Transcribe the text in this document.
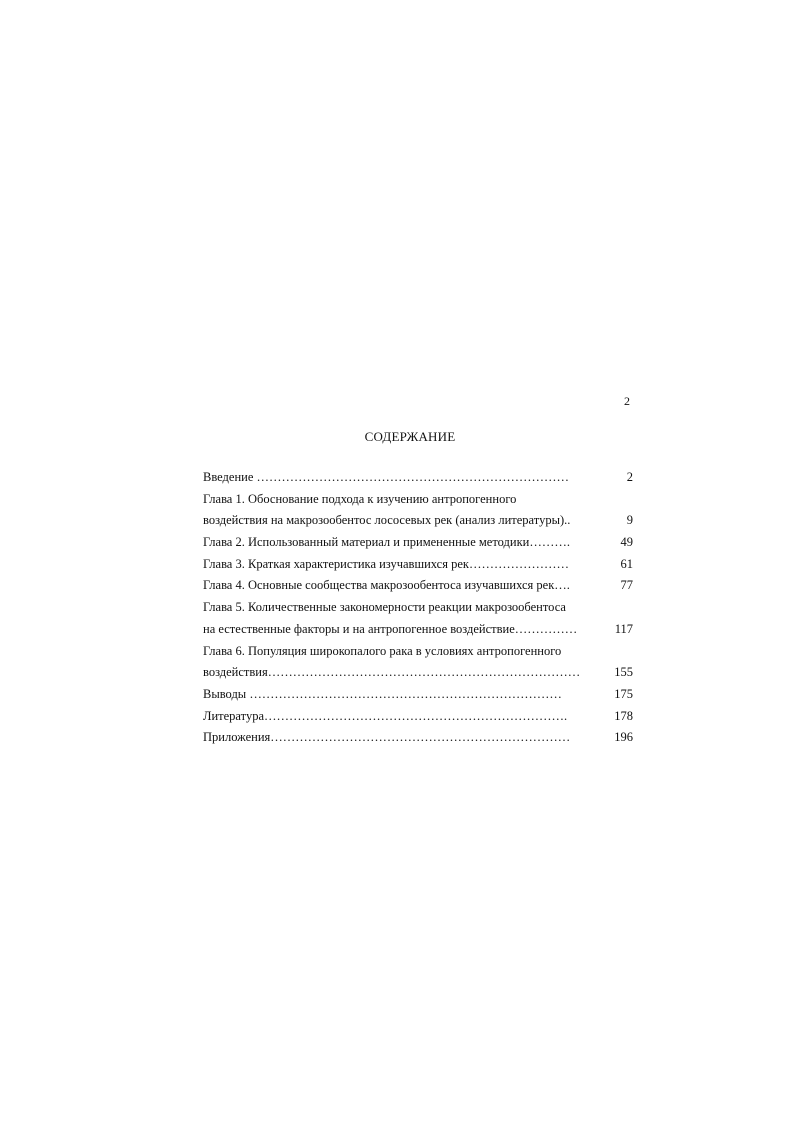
2
СОДЕРЖАНИЕ
Введение …………………………………………………………………	2
Глава 1. Обоснование подхода к изучению антропогенного
воздействия на макрозообентос лососевых рек (анализ литературы)..	9
Глава 2. Использованный материал и примененные методики……….	49
Глава 3. Краткая характеристика изучавшихся рек……………………	61
Глава 4. Основные сообщества макрозообентоса изучавшихся рек….	77
Глава 5. Количественные закономерности реакции макрозообентоса
на естественные факторы и на антропогенное воздействие……………	117
Глава 6. Популяция широкопалого рака в условиях антропогенного
воздействия…………………………………………………………………	155
Выводы …………………………………………………………………	175
Литература……………………………………………………………….	178
Приложения………………………………………………………………	196
